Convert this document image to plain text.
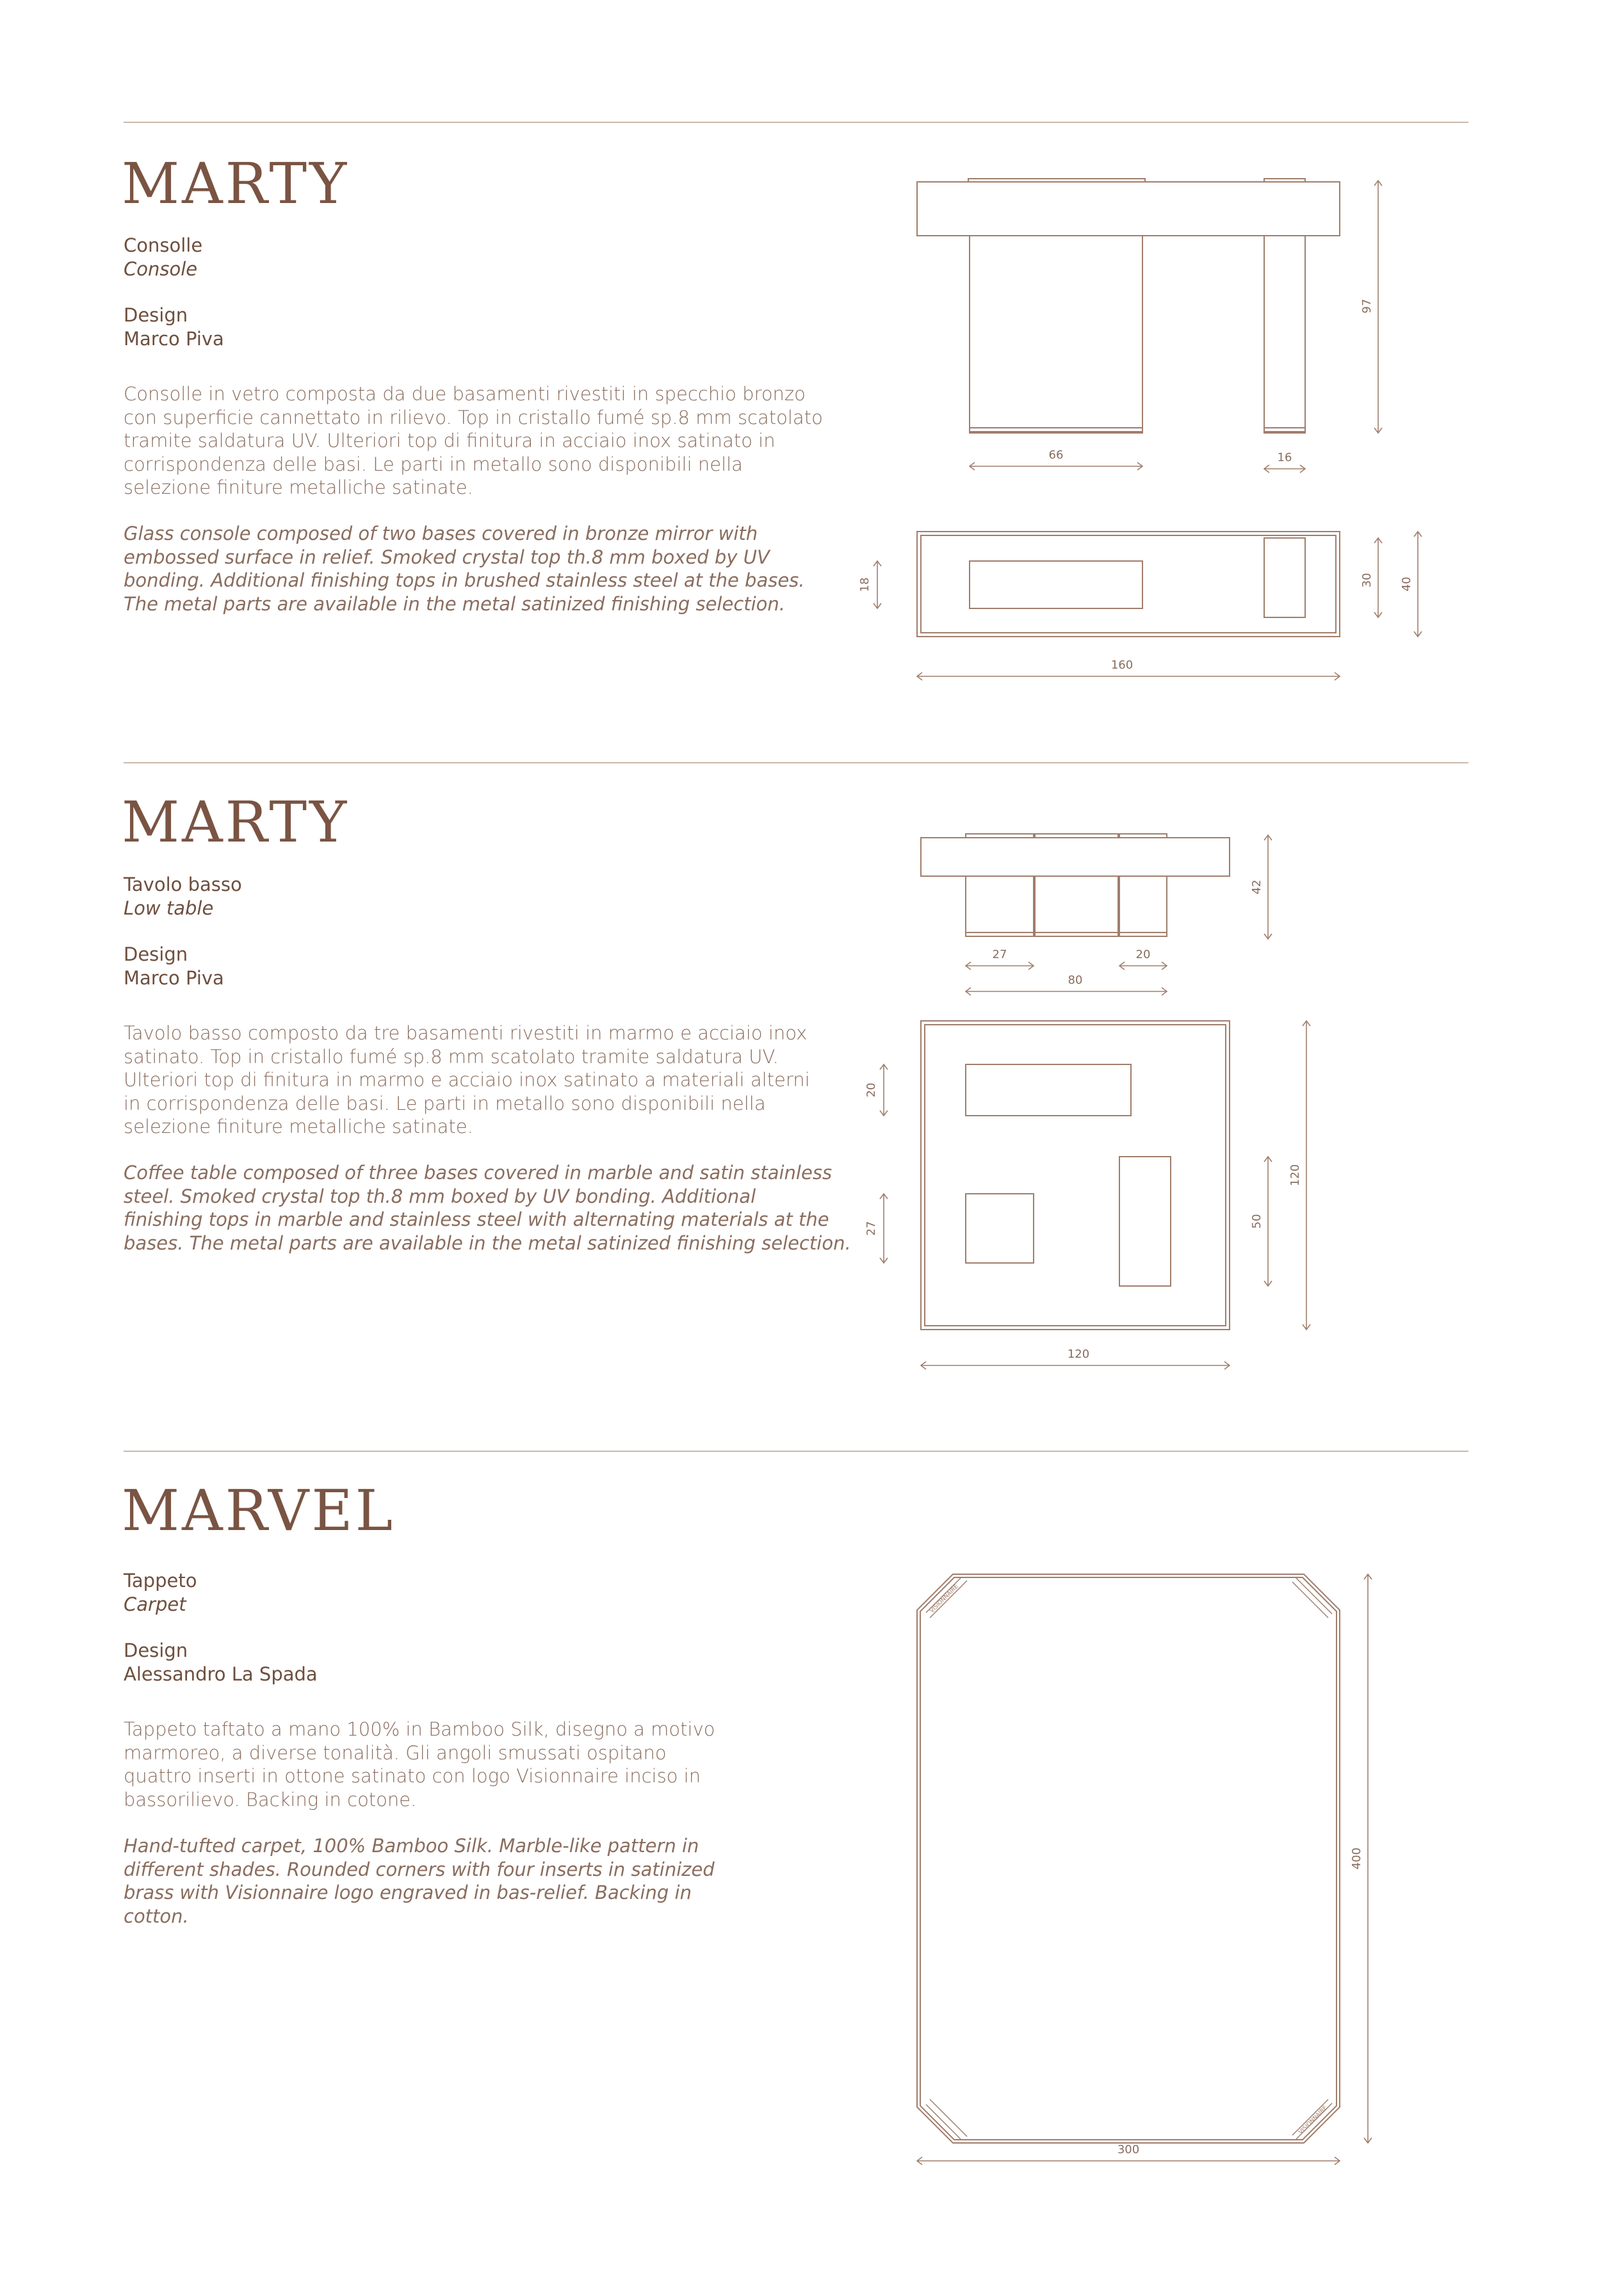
MARTY

Consolle

Console

Design

Marco Piva

Consolle in vetro composta da due basamenti rivestiti in specchio bronzo
con superficie cannettato in rilievo. Top in cristallo fumé sp.8 mm scatolato
tramite saldatura UV. Ulteriori top di finitura in acciaio inox satinato in
corrispondenza delle basi. Le parti in metallo sono disponibili nella
selezione finiture metalliche satinate.
Glass console composed of two bases covered in bronze mirror with
embossed surface in relief. Smoked crystal top th.8 mm boxed by UV
bonding. Additional finishing tops in brushed stainless steel at the bases.
The metal parts are available in the metal satinized finishing selection.
97
66	16
18	30 40
160
MARTY

Tavolo basso

Low table

Design

Marco Piva

Tavolo basso composto da tre basamenti rivestiti in marmo e acciaio inox
satinato. Top in cristallo fumé sp.8 mm scatolato tramite saldatura UV.
Ulteriori top di finitura in marmo e acciaio inox satinato a materiali alterni
in corrispondenza delle basi. Le parti in metallo sono disponibili nella
selezione finiture metalliche satinate.
Coffee table composed of three bases covered in marble and satin stainless
steel. Smoked crystal top th.8 mm boxed by UV bonding. Additional
finishing tops in marble and stainless steel with alternating materials at the
bases. The metal parts are available in the metal satinized finishing selection.
42
27	20
80
20
27	50
120
120
MARVEL

Tappeto

Carpet

Design

Alessandro La Spada

Tappeto taftato a mano 100% in Bamboo Silk, disegno a motivo
marmoreo, a diverse tonalità. Gli angoli smussati ospitano
quattro inserti in ottone satinato con logo Visionnaire inciso in
bassorilievo. Backing in cotone.
Hand-tufted carpet, 100% Bamboo Silk. Marble-like pattern in
different shades. Rounded corners with four inserts in satinized
brass with Visionnaire logo engraved in bas-relief. Backing in
cotton.
VISIONNAIRE
VISIONNAIRE
400
300
